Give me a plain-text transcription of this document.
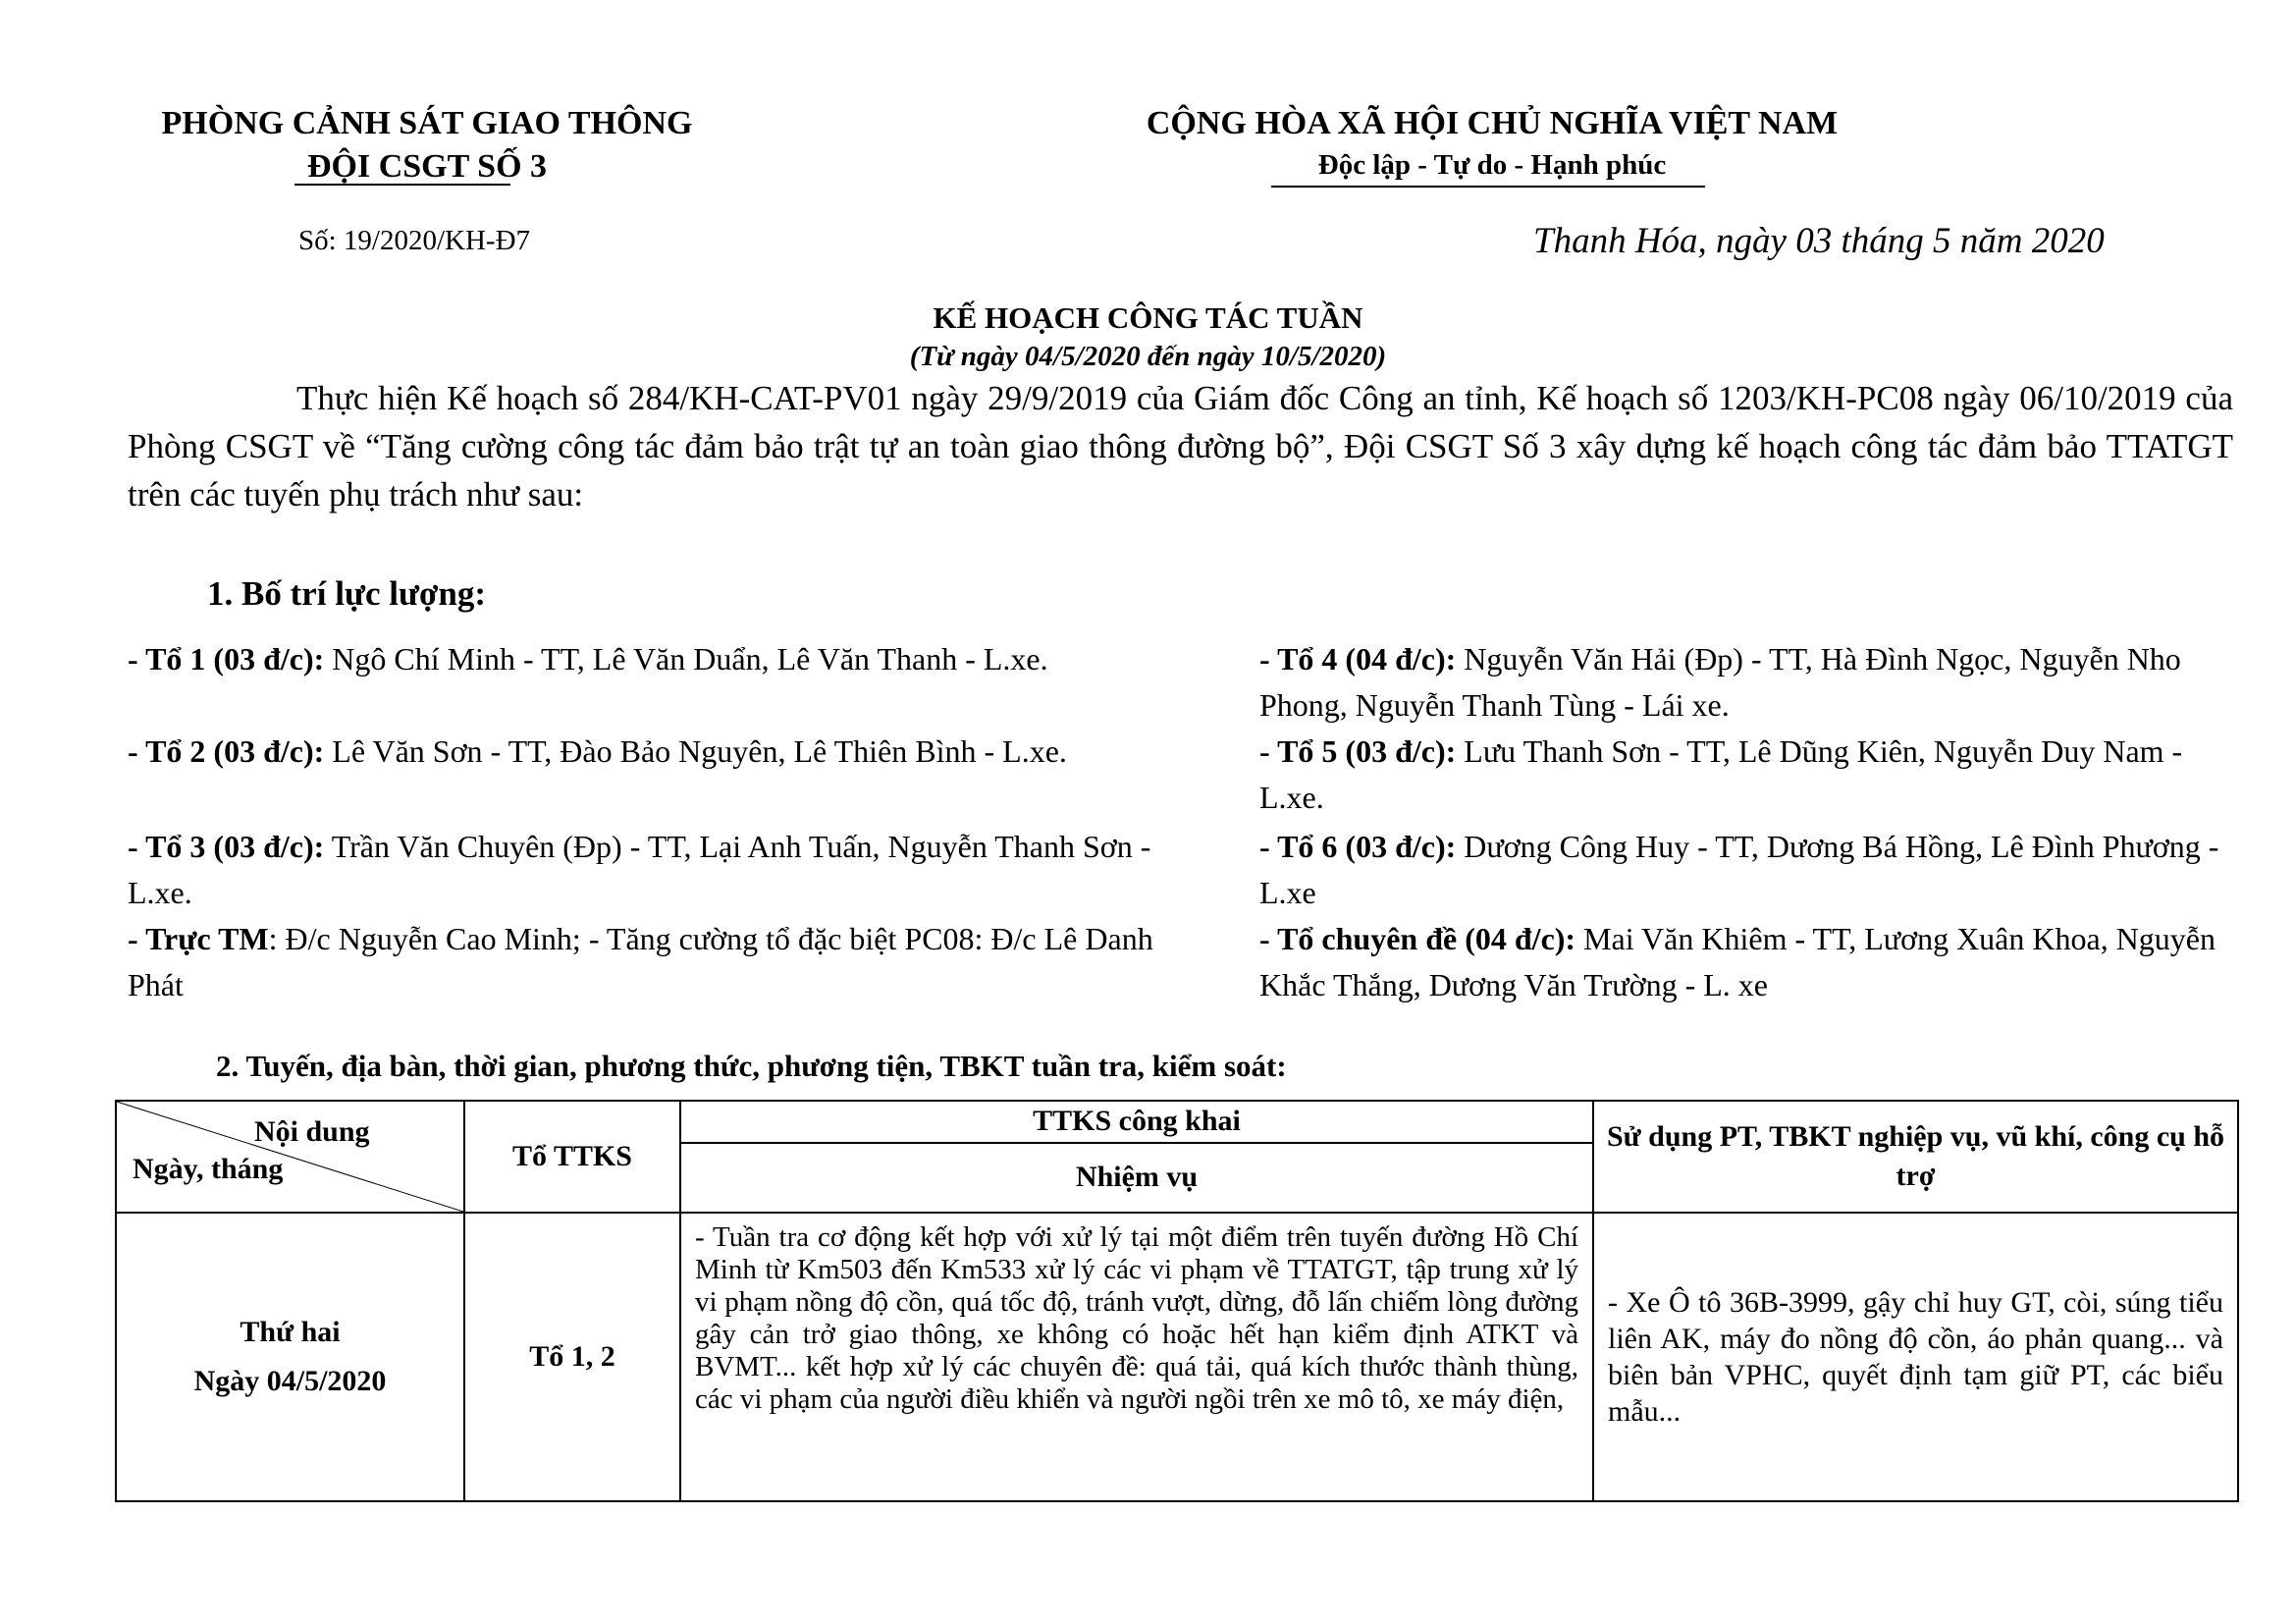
PHÒNG CẢNH SÁT GIAO THÔNG
ĐỘI CSGT SỐ 3
CỘNG HÒA XÃ HỘI CHỦ NGHĨA VIỆT NAM
Độc lập - Tự do - Hạnh phúc
Số: 19/2020/KH-Đ7	Thanh Hóa, ngày 03 tháng 5 năm 2020
KẾ HOẠCH CÔNG TÁC TUẦN
(Từ ngày 04/5/2020 đến ngày 10/5/2020)
Thực hiện Kế hoạch số 284/KH-CAT-PV01 ngày 29/9/2019 của Giám đốc Công an tỉnh, Kế hoạch số 1203/KH-PC08 ngày 06/10/2019 của Phòng CSGT về “Tăng cường công tác đảm bảo trật tự an toàn giao thông đường bộ”, Đội CSGT Số 3 xây dựng kế hoạch công tác đảm bảo TTATGT trên các tuyến phụ trách như sau:
1. Bố trí lực lượng:
- Tổ 1 (03 đ/c): Ngô Chí Minh - TT, Lê Văn Duẩn, Lê Văn Thanh - L.xe.
- Tổ 2 (03 đ/c): Lê Văn Sơn - TT, Đào Bảo Nguyên, Lê Thiên Bình - L.xe.
- Tổ 3 (03 đ/c): Trần Văn Chuyên (Đp) - TT, Lại Anh Tuấn, Nguyễn Thanh Sơn - L.xe.
- Trực TM: Đ/c Nguyễn Cao Minh; - Tăng cường tổ đặc biệt PC08: Đ/c Lê Danh Phát
- Tổ 4 (04 đ/c): Nguyễn Văn Hải (Đp) - TT, Hà Đình Ngọc, Nguyễn Nho Phong, Nguyễn Thanh Tùng - Lái xe.
- Tổ 5 (03 đ/c): Lưu Thanh Sơn - TT, Lê Dũng Kiên, Nguyễn Duy Nam - L.xe.
- Tổ 6 (03 đ/c): Dương Công Huy - TT, Dương Bá Hồng, Lê Đình Phương - L.xe
- Tổ chuyên đề (04 đ/c): Mai Văn Khiêm - TT, Lương Xuân Khoa, Nguyễn Khắc Thắng, Dương Văn Trường - L. xe
2. Tuyến, địa bàn, thời gian, phương thức, phương tiện, TBKT tuần tra, kiểm soát:
Nội dung
Ngày, tháng	Tổ TTKS	TTKS công khai	Sử dụng PT, TBKT nghiệp vụ, vũ khí, công cụ hỗ trợ
		Nhiệm vụ	

Thứ hai
Ngày 04/5/2020	Tổ 1, 2	- Tuần tra cơ động kết hợp với xử lý tại một điểm trên tuyến đường Hồ Chí Minh từ Km503 đến Km533 xử lý các vi phạm về TTATGT, tập trung xử lý vi phạm nồng độ cồn, quá tốc độ, tránh vượt, dừng, đỗ lấn chiếm lòng đường gây cản trở giao thông, xe không có hoặc hết hạn kiểm định ATKT và BVMT... kết hợp xử lý các chuyên đề: quá tải, quá kích thước thành thùng, các vi phạm của người điều khiển và người ngồi trên xe mô tô, xe máy điện,	- Xe Ô tô 36B-3999, gậy chỉ huy GT, còi, súng tiểu liên AK, máy đo nồng độ cồn, áo phản quang... và biên bản VPHC, quyết định tạm giữ PT, các biểu mẫu...
